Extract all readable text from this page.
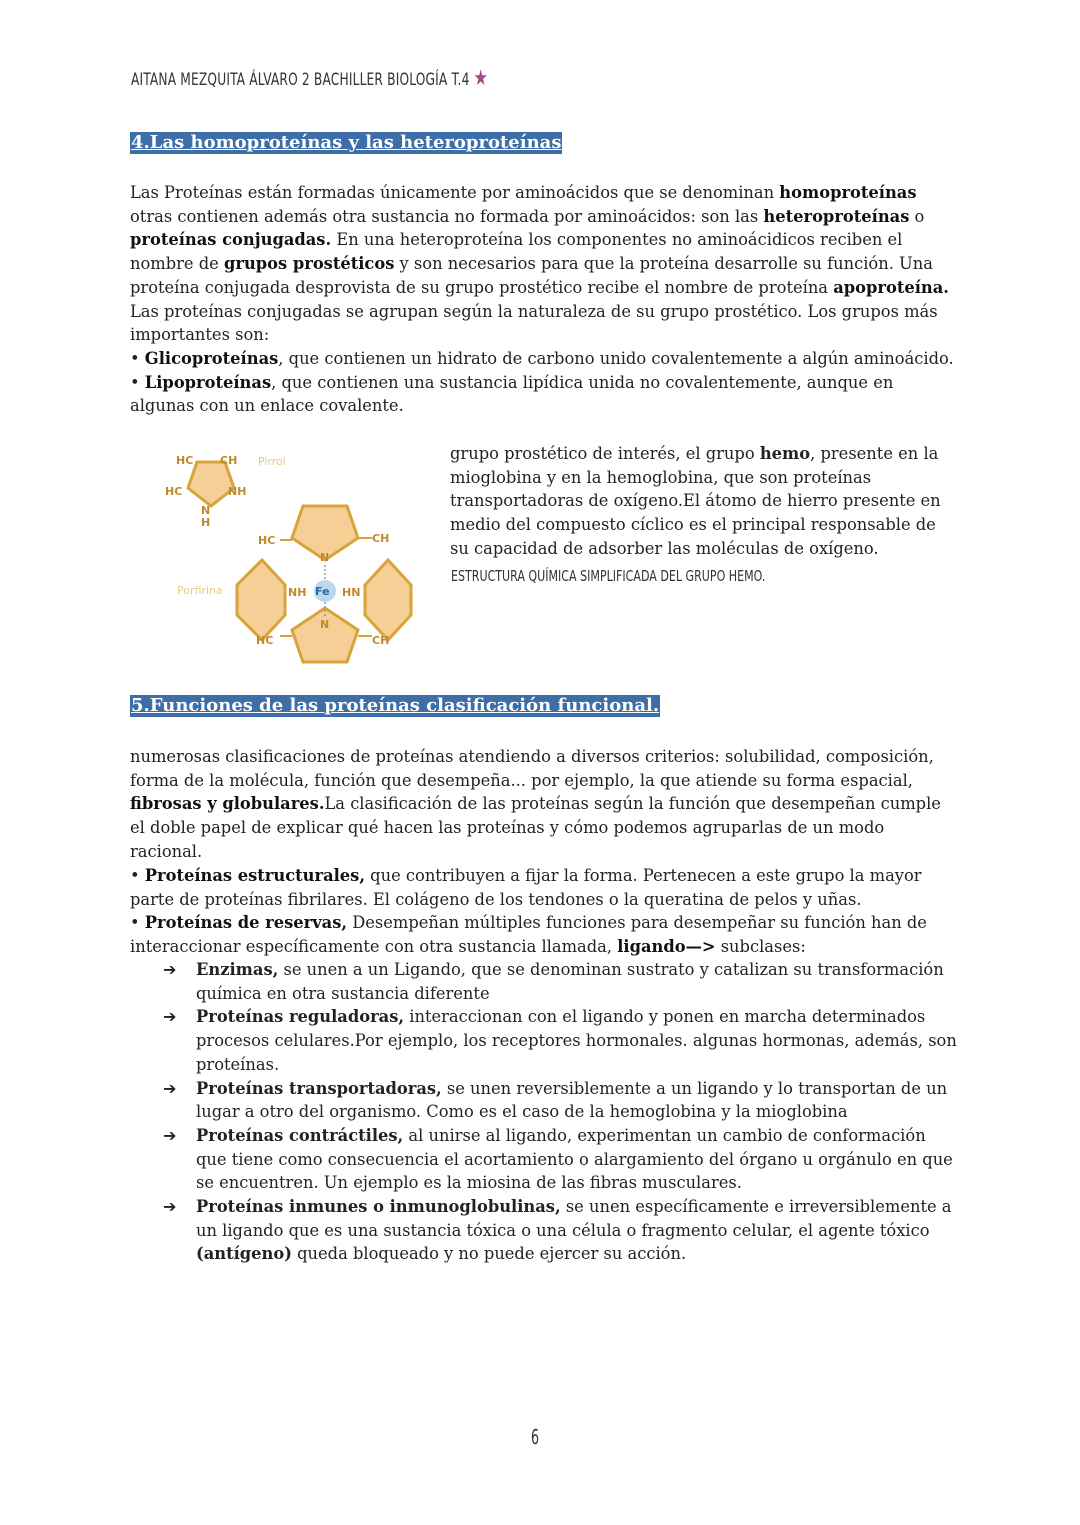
AITANA MEZQUITA ÁLVARO 2 BACHILLER BIOLOGÍA T.4 ★
4.Las homoproteínas y las heteroproteínas

Las Proteínas están formadas únicamente por aminoácidos que se denominan homoproteínas otras contienen además otra sustancia no formada por aminoácidos: son las heteroproteínas o proteínas conjugadas. En una heteroproteína los componentes no aminoácidicos reciben el nombre de grupos prostéticos y son necesarios para que la proteína desarrolle su función. Una proteína conjugada desprovista de su grupo prostético recibe el nombre de proteína apoproteína.
Las proteínas conjugadas se agrupan según la naturaleza de su grupo prostético. Los grupos más importantes son:
• Glicoproteínas, que contienen un hidrato de carbono unido covalentemente a algún aminoácido.
• Lipoproteínas, que contienen una sustancia lipídica unida no covalentemente, aunque en algunas con un enlace covalente.

HC CH
HC	NH
N
H
Pirrol
Fe
HC	CH
HC	CH
N
N
NH	HN
Porfirina

grupo prostético de interés, el grupo hemo, presente en la mioglobina y en la hemoglobina, que son proteínas transportadoras de oxígeno.El átomo de hierro presente en medio del compuesto cíclico es el principal responsable de su capacidad de adsorber las moléculas de oxígeno.

ESTRUCTURA QUÍMICA SIMPLIFICADA DEL GRUPO HEMO.
5.Funciones de las proteínas clasificación funcional.

numerosas clasificaciones de proteínas atendiendo a diversos criterios: solubilidad, composición, forma de la molécula, función que desempeña... por ejemplo, la que atiende su forma espacial, fibrosas y globulares.La clasificación de las proteínas según la función que desempeñan cumple el doble papel de explicar qué hacen las proteínas y cómo podemos agruparlas de un modo racional.

• Proteínas estructurales, que contribuyen a fijar la forma. Pertenecen a este grupo la mayor parte de proteínas fibrilares. El colágeno de los tendones o la queratina de pelos y uñas.
• Proteínas de reservas, Desempeñan múltiples funciones para desempeñar su función han de interaccionar específicamente con otra sustancia llamada, ligando—> subclases:

➔ Enzimas, se unen a un Ligando, que se denominan sustrato y catalizan su transformación química en otra sustancia diferente
➔ Proteínas reguladoras, interaccionan con el ligando y ponen en marcha determinados procesos celulares.Por ejemplo, los receptores hormonales. algunas hormonas, además, son proteínas.
➔ Proteínas transportadoras, se unen reversiblemente a un ligando y lo transportan de un lugar a otro del organismo. Como es el caso de la hemoglobina y la mioglobina
➔ Proteínas contráctiles, al unirse al ligando, experimentan un cambio de conformación que tiene como consecuencia el acortamiento o alargamiento del órgano u orgánulo en que se encuentren. Un ejemplo es la miosina de las fibras musculares.
➔ Proteínas inmunes o inmunoglobulinas, se unen específicamente e irreversiblemente a un ligando que es una sustancia tóxica o una célula o fragmento celular, el agente tóxico (antígeno) queda bloqueado y no puede ejercer su acción.
6
